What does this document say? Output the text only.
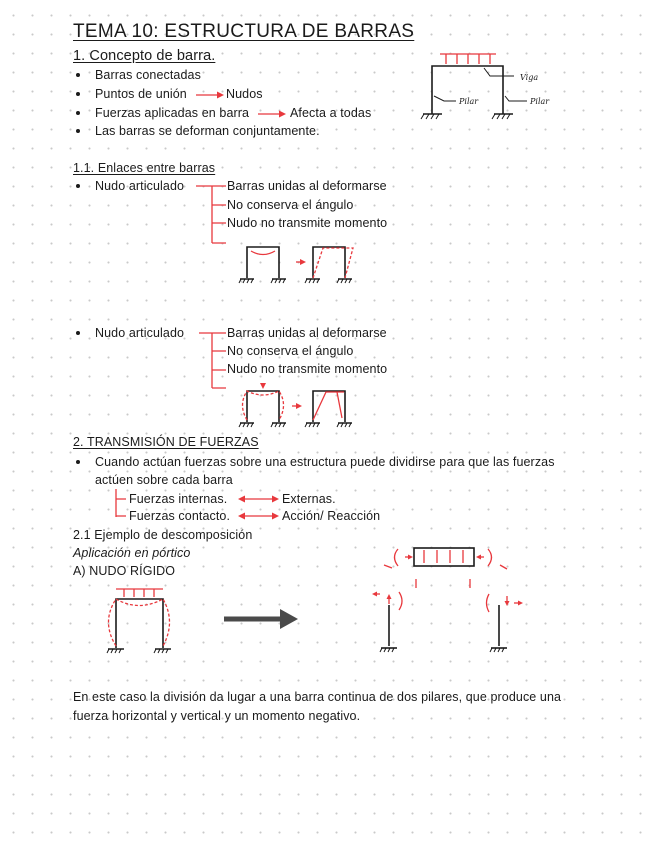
TEMA 10: ESTRUCTURA DE BARRAS
1. Concepto de barra.
Barras conectadas
Puntos de unión	Nudos
Fuerzas aplicadas en barra	Afecta a todas
Las barras se deforman conjuntamente.
Viga
Pilar	Pilar
1.1. Enlaces entre barras
Nudo articulado	Barras unidas al deformarse
No conserva el ángulo
Nudo no transmite momento
Nudo articulado	Barras unidas al deformarse
No conserva el ángulo
Nudo no transmite momento
2. TRANSMISIÓN DE FUERZAS
Cuando actúan fuerzas sobre una estructura puede dividirse para que las fuerzas
actúen sobre cada barra
Fuerzas internas.	Externas.
Fuerzas contacto.	Acción/ Reacción
2.1 Ejemplo de descomposición
Aplicación en pórtico
A) NUDO RÍGIDO
En este caso la división da lugar a una barra continua de dos pilares, que produce una
fuerza horizontal y vertical y un momento negativo.
